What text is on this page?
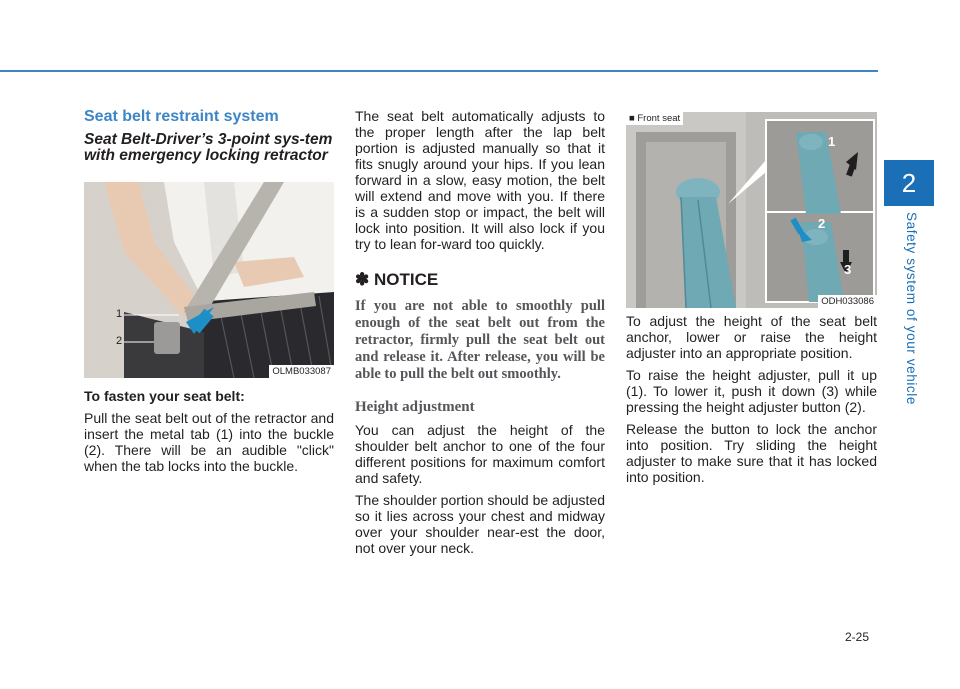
2
Safety system of your vehicle
Seat belt restraint system
Seat Belt-Driver’s 3-point sys-tem with emergency locking retractor
1
2
OLMB033087

To fasten your seat belt:

Pull the seat belt out of the retractor and insert the metal tab (1) into the buckle (2). There will be an audible "click" when the tab locks into the buckle.

The seat belt automatically adjusts to the proper length after the lap belt portion is adjusted manually so that it fits snugly around your hips. If you lean forward in a slow, easy motion, the belt will extend and move with you. If there is a sudden stop or impact, the belt will lock into position. It will also lock if you try to lean for-ward too quickly.

✽ NOTICE

If you are not able to smoothly pull enough of the seat belt out from the retractor, firmly pull the seat belt out and release it. After release, you will be able to pull the belt out smoothly.

Height adjustment

You can adjust the height of the shoulder belt anchor to one of the four different positions for maximum comfort and safety.

The shoulder portion should be adjusted so it lies across your chest and midway over your shoulder near-est the door, not over your neck.

■ Front seat
1
2
3
ODH033086

To adjust the height of the seat belt anchor, lower or raise the height adjuster into an appropriate position.

To raise the height adjuster, pull it up (1). To lower it, push it down (3) while pressing the height adjuster button (2).

Release the button to lock the anchor into position. Try sliding the height adjuster to make sure that it has locked into position.

2-25
